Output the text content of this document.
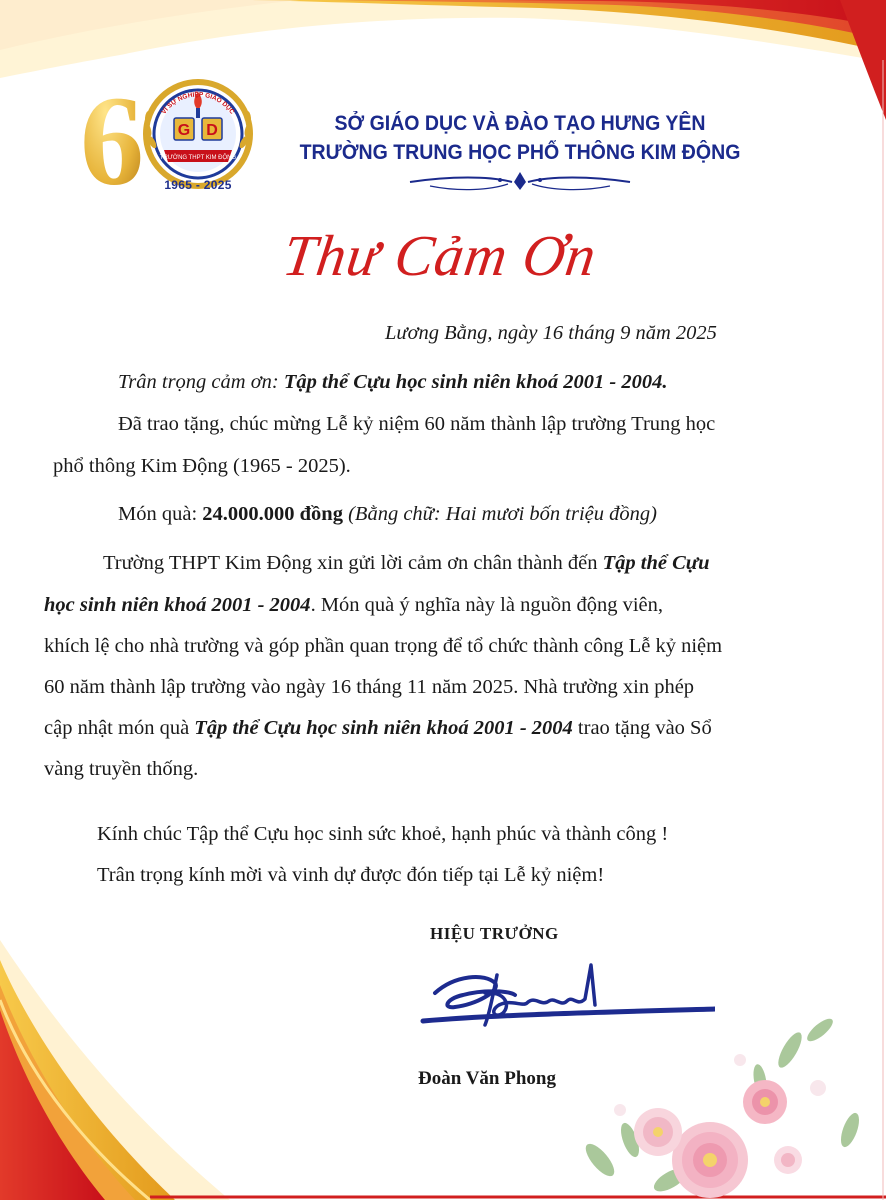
6 G D
TRƯỜNG THPT KIM ĐỘNG
VÌ SỰ NGHIỆP GIÁO DỤC
1965 - 2025
SỞ GIÁO DỤC VÀ ĐÀO TẠO HƯNG YÊN
TRƯỜNG TRUNG HỌC PHỔ THÔNG KIM ĐỘNG
Thư Cảm Ơn
Lương Bằng, ngày 16 tháng 9 năm 2025
Trân trọng cảm ơn: Tập thể Cựu học sinh niên khoá 2001 - 2004.
Đã trao tặng, chúc mừng Lễ kỷ niệm 60 năm thành lập trường Trung học
phổ thông Kim Động (1965 - 2025).
Món quà: 24.000.000 đồng (Bằng chữ: Hai mươi bốn triệu đồng)
Trường THPT Kim Động xin gửi lời cảm ơn chân thành đến Tập thể Cựu
học sinh niên khoá 2001 - 2004. Món quà ý nghĩa này là nguồn động viên,
khích lệ cho nhà trường và góp phần quan trọng để tổ chức thành công Lễ kỷ niệm
60 năm thành lập trường vào ngày 16 tháng 11 năm 2025. Nhà trường xin phép
cập nhật món quà Tập thể Cựu học sinh niên khoá 2001 - 2004 trao tặng vào Sổ
vàng truyền thống.
Kính chúc Tập thể Cựu học sinh sức khoẻ, hạnh phúc và thành công !
Trân trọng kính mời và vinh dự được đón tiếp tại Lễ kỷ niệm!
HIỆU TRƯỞNG
Đoàn Văn Phong
